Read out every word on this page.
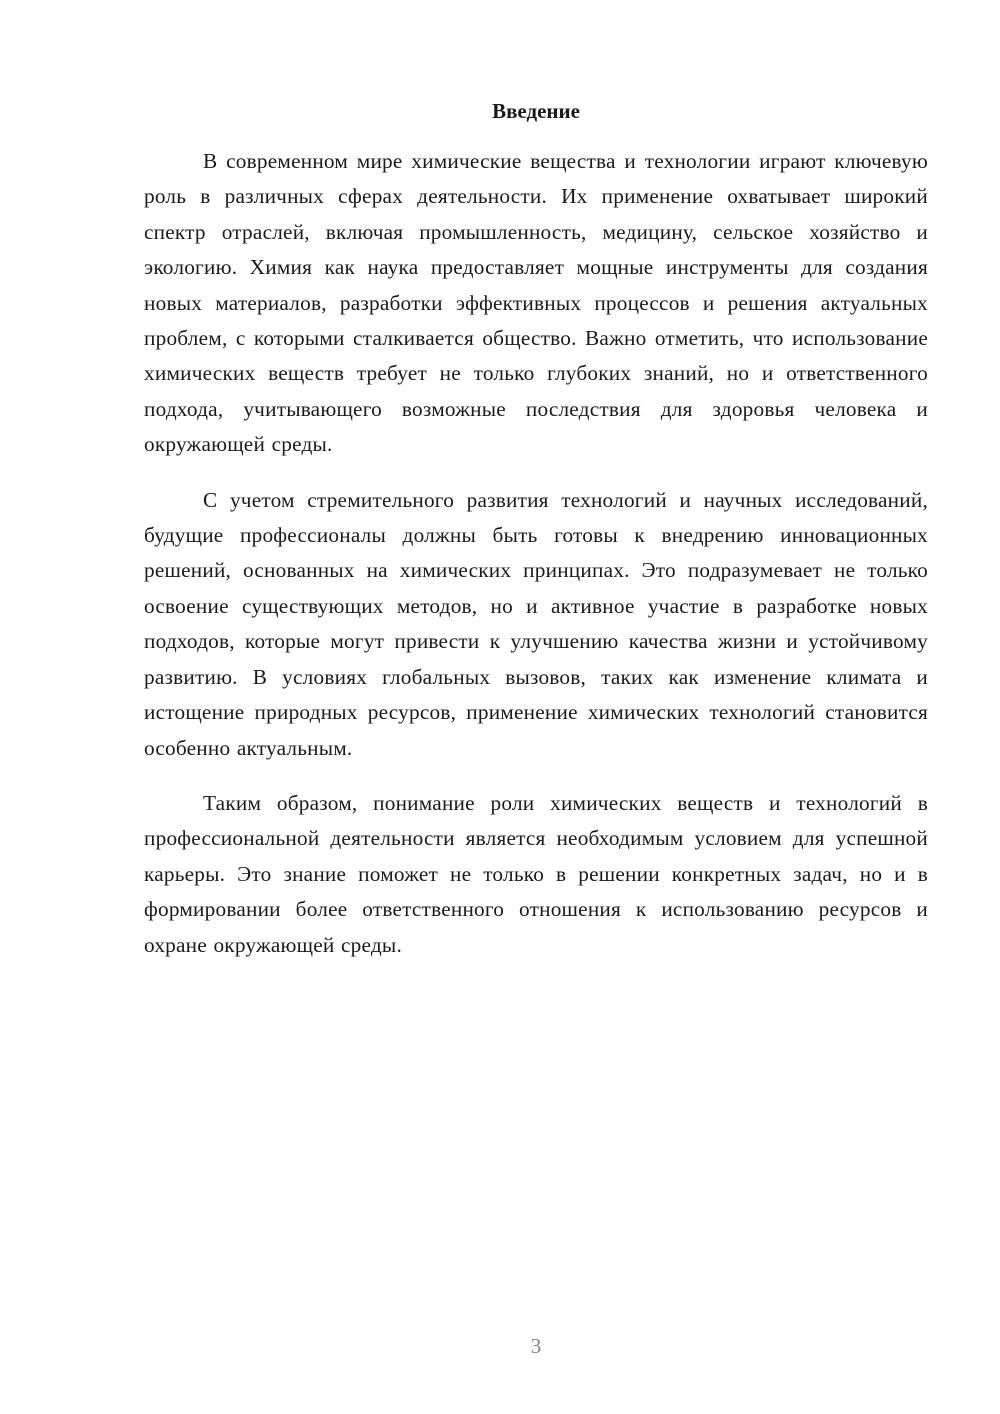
Введение

В современном мире химические вещества и технологии играют ключевую роль в различных сферах деятельности. Их применение охватывает широкий спектр отраслей, включая промышленность, медицину, сельское хозяйство и экологию. Химия как наука предоставляет мощные инструменты для создания новых материалов, разработки эффективных процессов и решения актуальных проблем, с которыми сталкивается общество. Важно отметить, что использование химических веществ требует не только глубоких знаний, но и ответственного подхода, учитывающего возможные последствия для здоровья человека и окружающей среды.

С учетом стремительного развития технологий и научных исследований, будущие профессионалы должны быть готовы к внедрению инновационных решений, основанных на химических принципах. Это подразумевает не только освоение существующих методов, но и активное участие в разработке новых подходов, которые могут привести к улучшению качества жизни и устойчивому развитию. В условиях глобальных вызовов, таких как изменение климата и истощение природных ресурсов, применение химических технологий становится особенно актуальным.

Таким образом, понимание роли химических веществ и технологий в профессиональной деятельности является необходимым условием для успешной карьеры. Это знание поможет не только в решении конкретных задач, но и в формировании более ответственного отношения к использованию ресурсов и охране окружающей среды.

3
